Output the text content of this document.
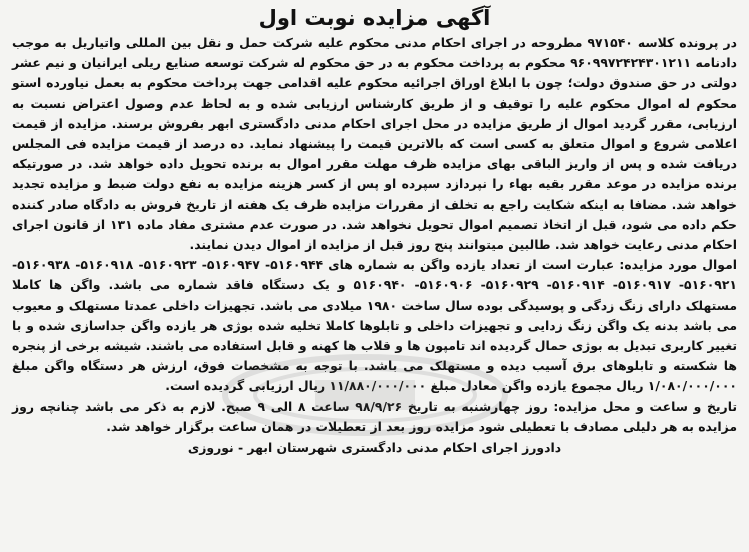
آگهی مزایده نوبت اول

در پرونده کلاسه ۹۷۱۵۴۰ مطروحه در اجرای احکام مدنی محکوم علیه شرکت حمل و نقل بین المللی واتیاریل به موجب دادنامه ۹۶۰۹۹۷۲۴۲۴۳۰۱۲۱۱ محکوم به پرداخت محکوم به در حق محکوم له شرکت توسعه صنایع ریلی ایرانیان و نیم عشر دولتی در حق صندوق دولت؛ چون با ابلاغ اوراق اجرائیه محکوم علیه اقدامی جهت پرداخت محکوم به بعمل نیاورده استو محکوم له اموال محکوم علیه را توقیف و از طریق کارشناس ارزیابی شده و به لحاظ عدم وصول اعتراض نسبت به ارزیابی، مقرر گردید اموال از طریق مزایده در محل اجرای احکام مدنی دادگستری ابهر بفروش برسند. مزایده از قیمت اعلامی شروع و اموال متعلق به کسی است که بالاترین قیمت را پیشنهاد نماید. ده درصد از قیمت مزایده فی المجلس دریافت شده و پس از واریز الباقی بهای مزایده ظرف مهلت مقرر اموال به برنده تحویل داده خواهد شد. در صورتیکه برنده مزایده در موعد مقرر بقیه بهاء را نپردازد سپرده او پس از کسر هزینه مزایده به نفع دولت ضبط و مزایده تجدید خواهد شد. مضافا به اینکه شکایت راجع به تخلف از مقررات مزایده ظرف یک هفته از تاریخ فروش به دادگاه صادر کننده حکم داده می شود، قبل از اتخاذ تصمیم اموال تحویل نخواهد شد. در صورت عدم مشتری مفاد ماده ۱۳۱ از قانون اجرای احکام مدنی رعایت خواهد شد. طالبین میتوانند پنج روز قبل از مزایده از اموال دیدن نمایند.

اموال مورد مزایده: عبارت است از تعداد یازده واگن به شماره های ۵۱۶۰۹۴۴- ۵۱۶۰۹۴۷- ۵۱۶۰۹۲۳- ۵۱۶۰۹۱۸- ۵۱۶۰۹۳۸- ۵۱۶۰۹۲۱- ۵۱۶۰۹۱۷- ۵۱۶۰۹۱۴- ۵۱۶۰۹۲۹- ۵۱۶۰۹۰۶- ۵۱۶۰۹۴۰ و یک دستگاه فاقد شماره می باشد. واگن ها کاملا مستهلک دارای زنگ زدگی و پوسیدگی بوده سال ساخت ۱۹۸۰ میلادی می باشد. تجهیزات داخلی عمدتا مستهلک و معیوب می باشد بدنه یک واگن زنگ زدایی و تجهیزات داخلی و تابلوها کاملا تخلیه شده بوژی هر یازده واگن جداسازی شده و با تغییر کاربری تبدیل به بوژی حمال گردیده اند تامپون ها و قلاب ها کهنه و قابل استفاده می باشند. شیشه برخی از پنجره ها شکسته و تابلوهای برق آسیب دیده و مستهلک می باشد. با توجه به مشخصات فوق، ارزش هر دستگاه واگن مبلغ ۱/۰۸۰/۰۰۰/۰۰۰ ریال مجموع یازده واگن معادل مبلغ ۱۱/۸۸۰/۰۰۰/۰۰۰ ریال ارزیابی گردیده است.

تاریخ و ساعت و محل مزایده: روز چهارشنبه به تاریخ ۹۸/۹/۲۶ ساعت ۸ الی ۹ صبح. لازم به ذکر می باشد چنانچه روز مزایده به هر دلیلی مصادف با تعطیلی شود مزایده روز بعد از تعطیلات در همان ساعت برگزار خواهد شد.

دادورز اجرای احکام مدنی دادگستری شهرستان ابهر - نوروزی
